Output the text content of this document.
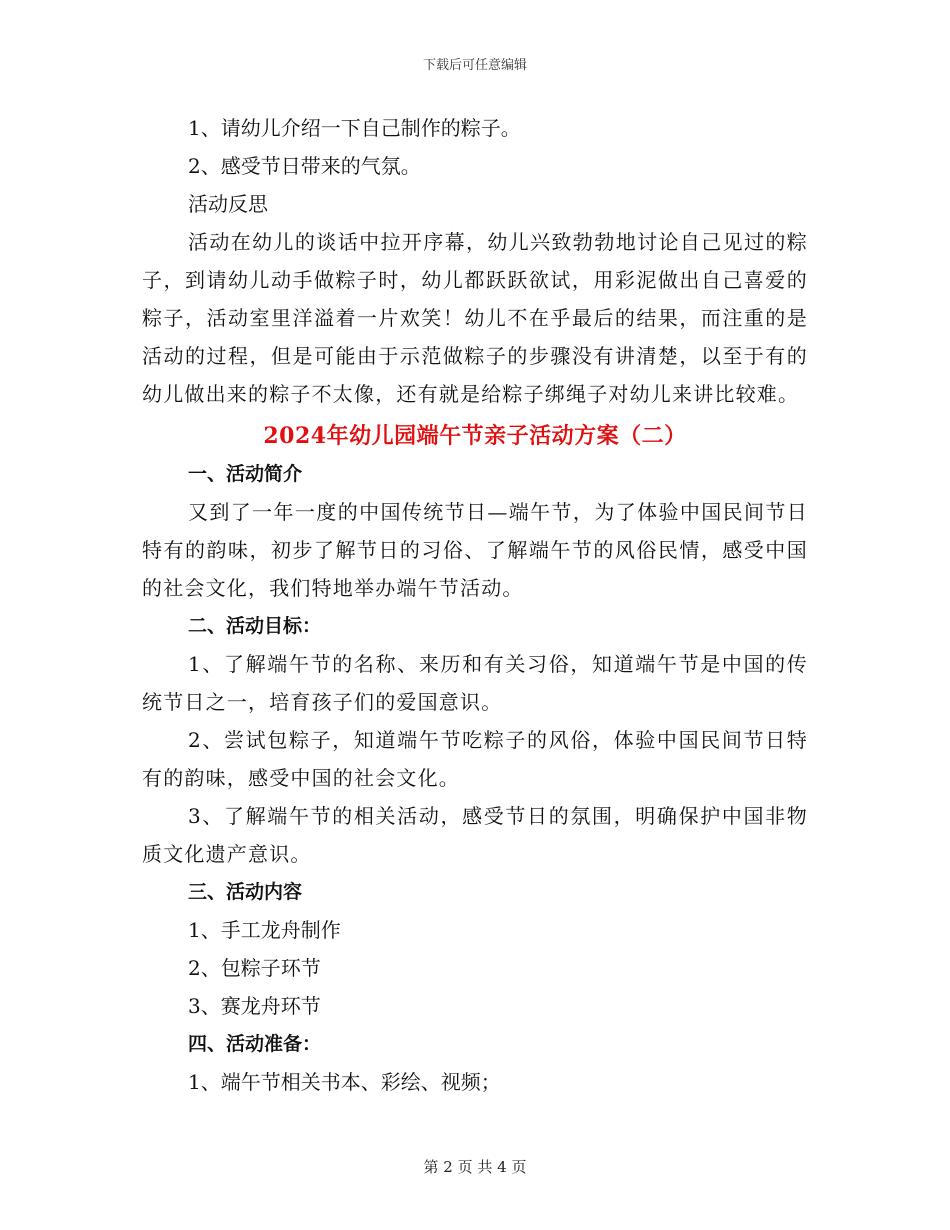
下载后可任意编辑
1、请幼儿介绍一下自己制作的粽子。
2、感受节日带来的气氛。
活动反思
活动在幼儿的谈话中拉开序幕，幼儿兴致勃勃地讨论自己见过的粽子，到请幼儿动手做粽子时，幼儿都跃跃欲试，用彩泥做出自己喜爱的粽子，活动室里洋溢着一片欢笑！幼儿不在乎最后的结果，而注重的是活动的过程，但是可能由于示范做粽子的步骤没有讲清楚，以至于有的幼儿做出来的粽子不太像，还有就是给粽子绑绳子对幼儿来讲比较难。
2024年幼儿园端午节亲子活动方案（二）
一、活动简介
又到了一年一度的中国传统节日—端午节，为了体验中国民间节日特有的韵味，初步了解节日的习俗、了解端午节的风俗民情，感受中国的社会文化，我们特地举办端午节活动。
二、活动目标：
1、了解端午节的名称、来历和有关习俗，知道端午节是中国的传统节日之一，培育孩子们的爱国意识。
2、尝试包粽子，知道端午节吃粽子的风俗，体验中国民间节日特有的韵味，感受中国的社会文化。
3、了解端午节的相关活动，感受节日的氛围，明确保护中国非物质文化遗产意识。
三、活动内容
1、手工龙舟制作
2、包粽子环节
3、赛龙舟环节
四、活动准备：
1、端午节相关书本、彩绘、视频；
第 2 页 共 4 页
